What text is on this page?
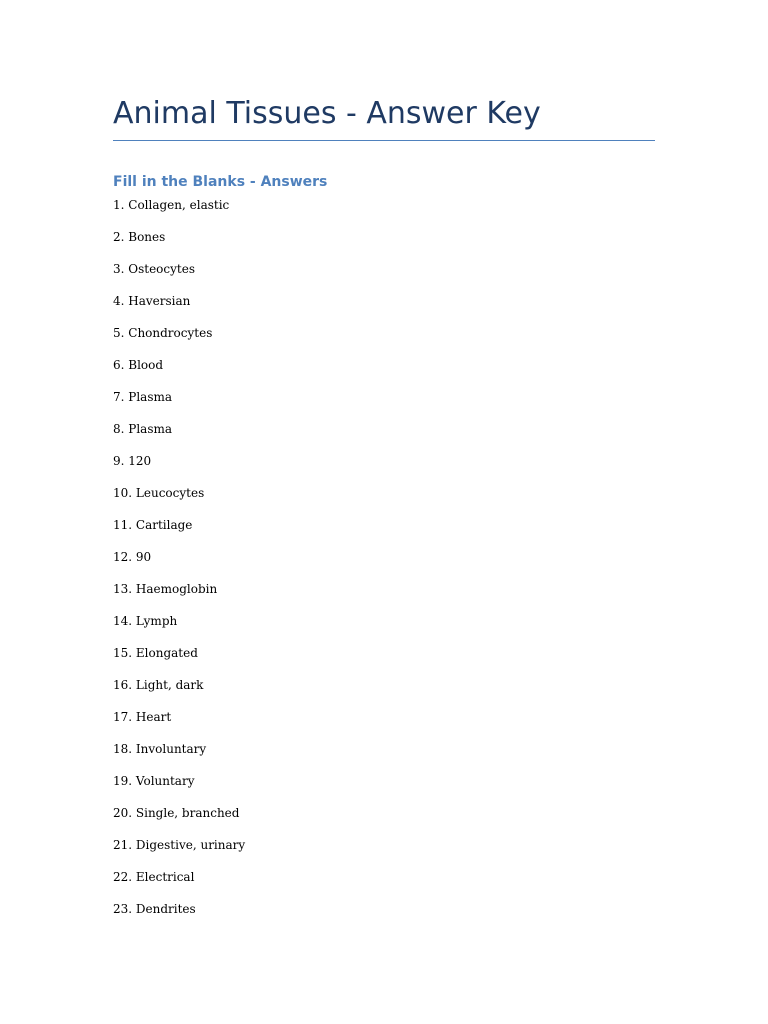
Animal Tissues - Answer Key
Fill in the Blanks - Answers
1. Collagen, elastic
2. Bones
3. Osteocytes
4. Haversian
5. Chondrocytes
6. Blood
7. Plasma
8. Plasma
9. 120
10. Leucocytes
11. Cartilage
12. 90
13. Haemoglobin
14. Lymph
15. Elongated
16. Light, dark
17. Heart
18. Involuntary
19. Voluntary
20. Single, branched
21. Digestive, urinary
22. Electrical
23. Dendrites
